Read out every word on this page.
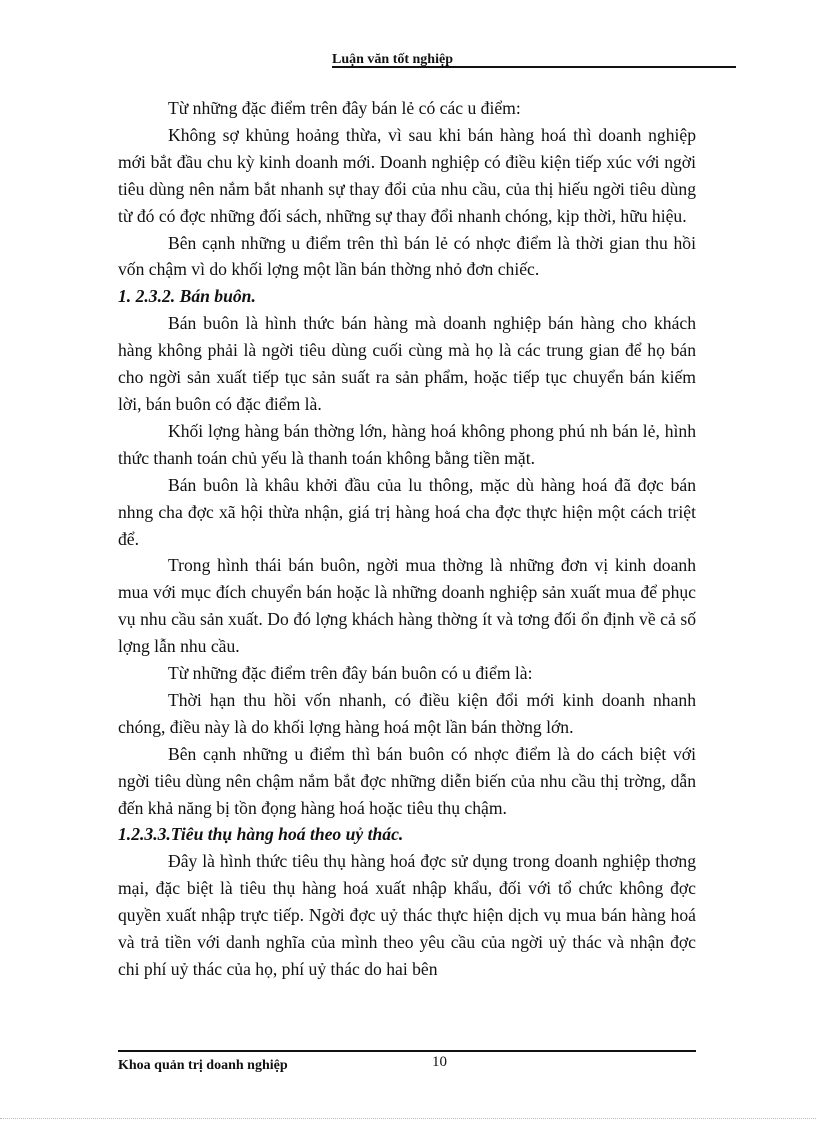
Luận văn tốt nghiệp

Từ những đặc điểm trên đây bán lẻ có các u điểm:

Không sợ khủng hoảng thừa, vì sau khi bán hàng hoá thì doanh nghiệp mới bắt đầu chu kỳ kinh doanh mới. Doanh nghiệp có điều kiện tiếp xúc với ngời tiêu dùng nên nắm bắt nhanh sự thay đổi của nhu cầu, của thị hiếu ngời tiêu dùng từ đó có đợc những đối sách, những sự thay đổi nhanh chóng, kịp thời, hữu hiệu.

Bên cạnh những u điểm trên thì bán lẻ có nhợc điểm là thời gian thu hồi vốn chậm vì do khối lợng một lần bán thờng nhỏ đơn chiếc.

1. 2.3.2. Bán buôn.

Bán buôn là hình thức bán hàng mà doanh nghiệp bán hàng cho khách hàng không phải là ngời tiêu dùng cuối cùng mà họ là các trung gian để họ bán cho ngời sản xuất tiếp tục sản suất ra sản phẩm, hoặc tiếp tục chuyển bán kiếm lời, bán buôn có đặc điểm là.

Khối lợng hàng bán thờng lớn, hàng hoá không phong phú nh bán lẻ, hình thức thanh toán chủ yếu là thanh toán không bằng tiền mặt.

Bán buôn là khâu khởi đầu của lu thông, mặc dù hàng hoá đã đợc bán nhng cha đợc xã hội thừa nhận, giá trị hàng hoá cha đợc thực hiện một cách triệt để.

Trong hình thái bán buôn, ngời mua thờng là những đơn vị kinh doanh mua với mục đích chuyển bán hoặc là những doanh nghiệp sản xuất mua để phục vụ nhu cầu sản xuất. Do đó lợng khách hàng thờng ít và tơng đối ổn định về cả số lợng lẫn nhu cầu.

Từ những đặc điểm trên đây bán buôn có u điểm là:

Thời hạn thu hồi vốn nhanh, có điều kiện đổi mới kinh doanh nhanh chóng, điều này là do khối lợng hàng hoá một lần bán thờng lớn.

Bên cạnh những u điểm thì bán buôn có nhợc điểm là do cách biệt với ngời tiêu dùng nên chậm nắm bắt đợc những diễn biến của nhu cầu thị trờng, dẫn đến khả năng bị tồn đọng hàng hoá hoặc tiêu thụ chậm.

1.2.3.3.Tiêu thụ hàng hoá theo uỷ thác.

Đây là hình thức tiêu thụ hàng hoá đợc sử dụng trong doanh nghiệp thơng mại, đặc biệt là tiêu thụ hàng hoá xuất nhập khẩu, đối với tổ chức không đợc quyền xuất nhập trực tiếp. Ngời đợc uỷ thác thực hiện dịch vụ mua bán hàng hoá và trả tiền với danh nghĩa của mình theo yêu cầu của ngời uỷ thác và nhận đợc chi phí uỷ thác của họ, phí uỷ thác do hai bên

Khoa quản trị doanh nghiệp	10
